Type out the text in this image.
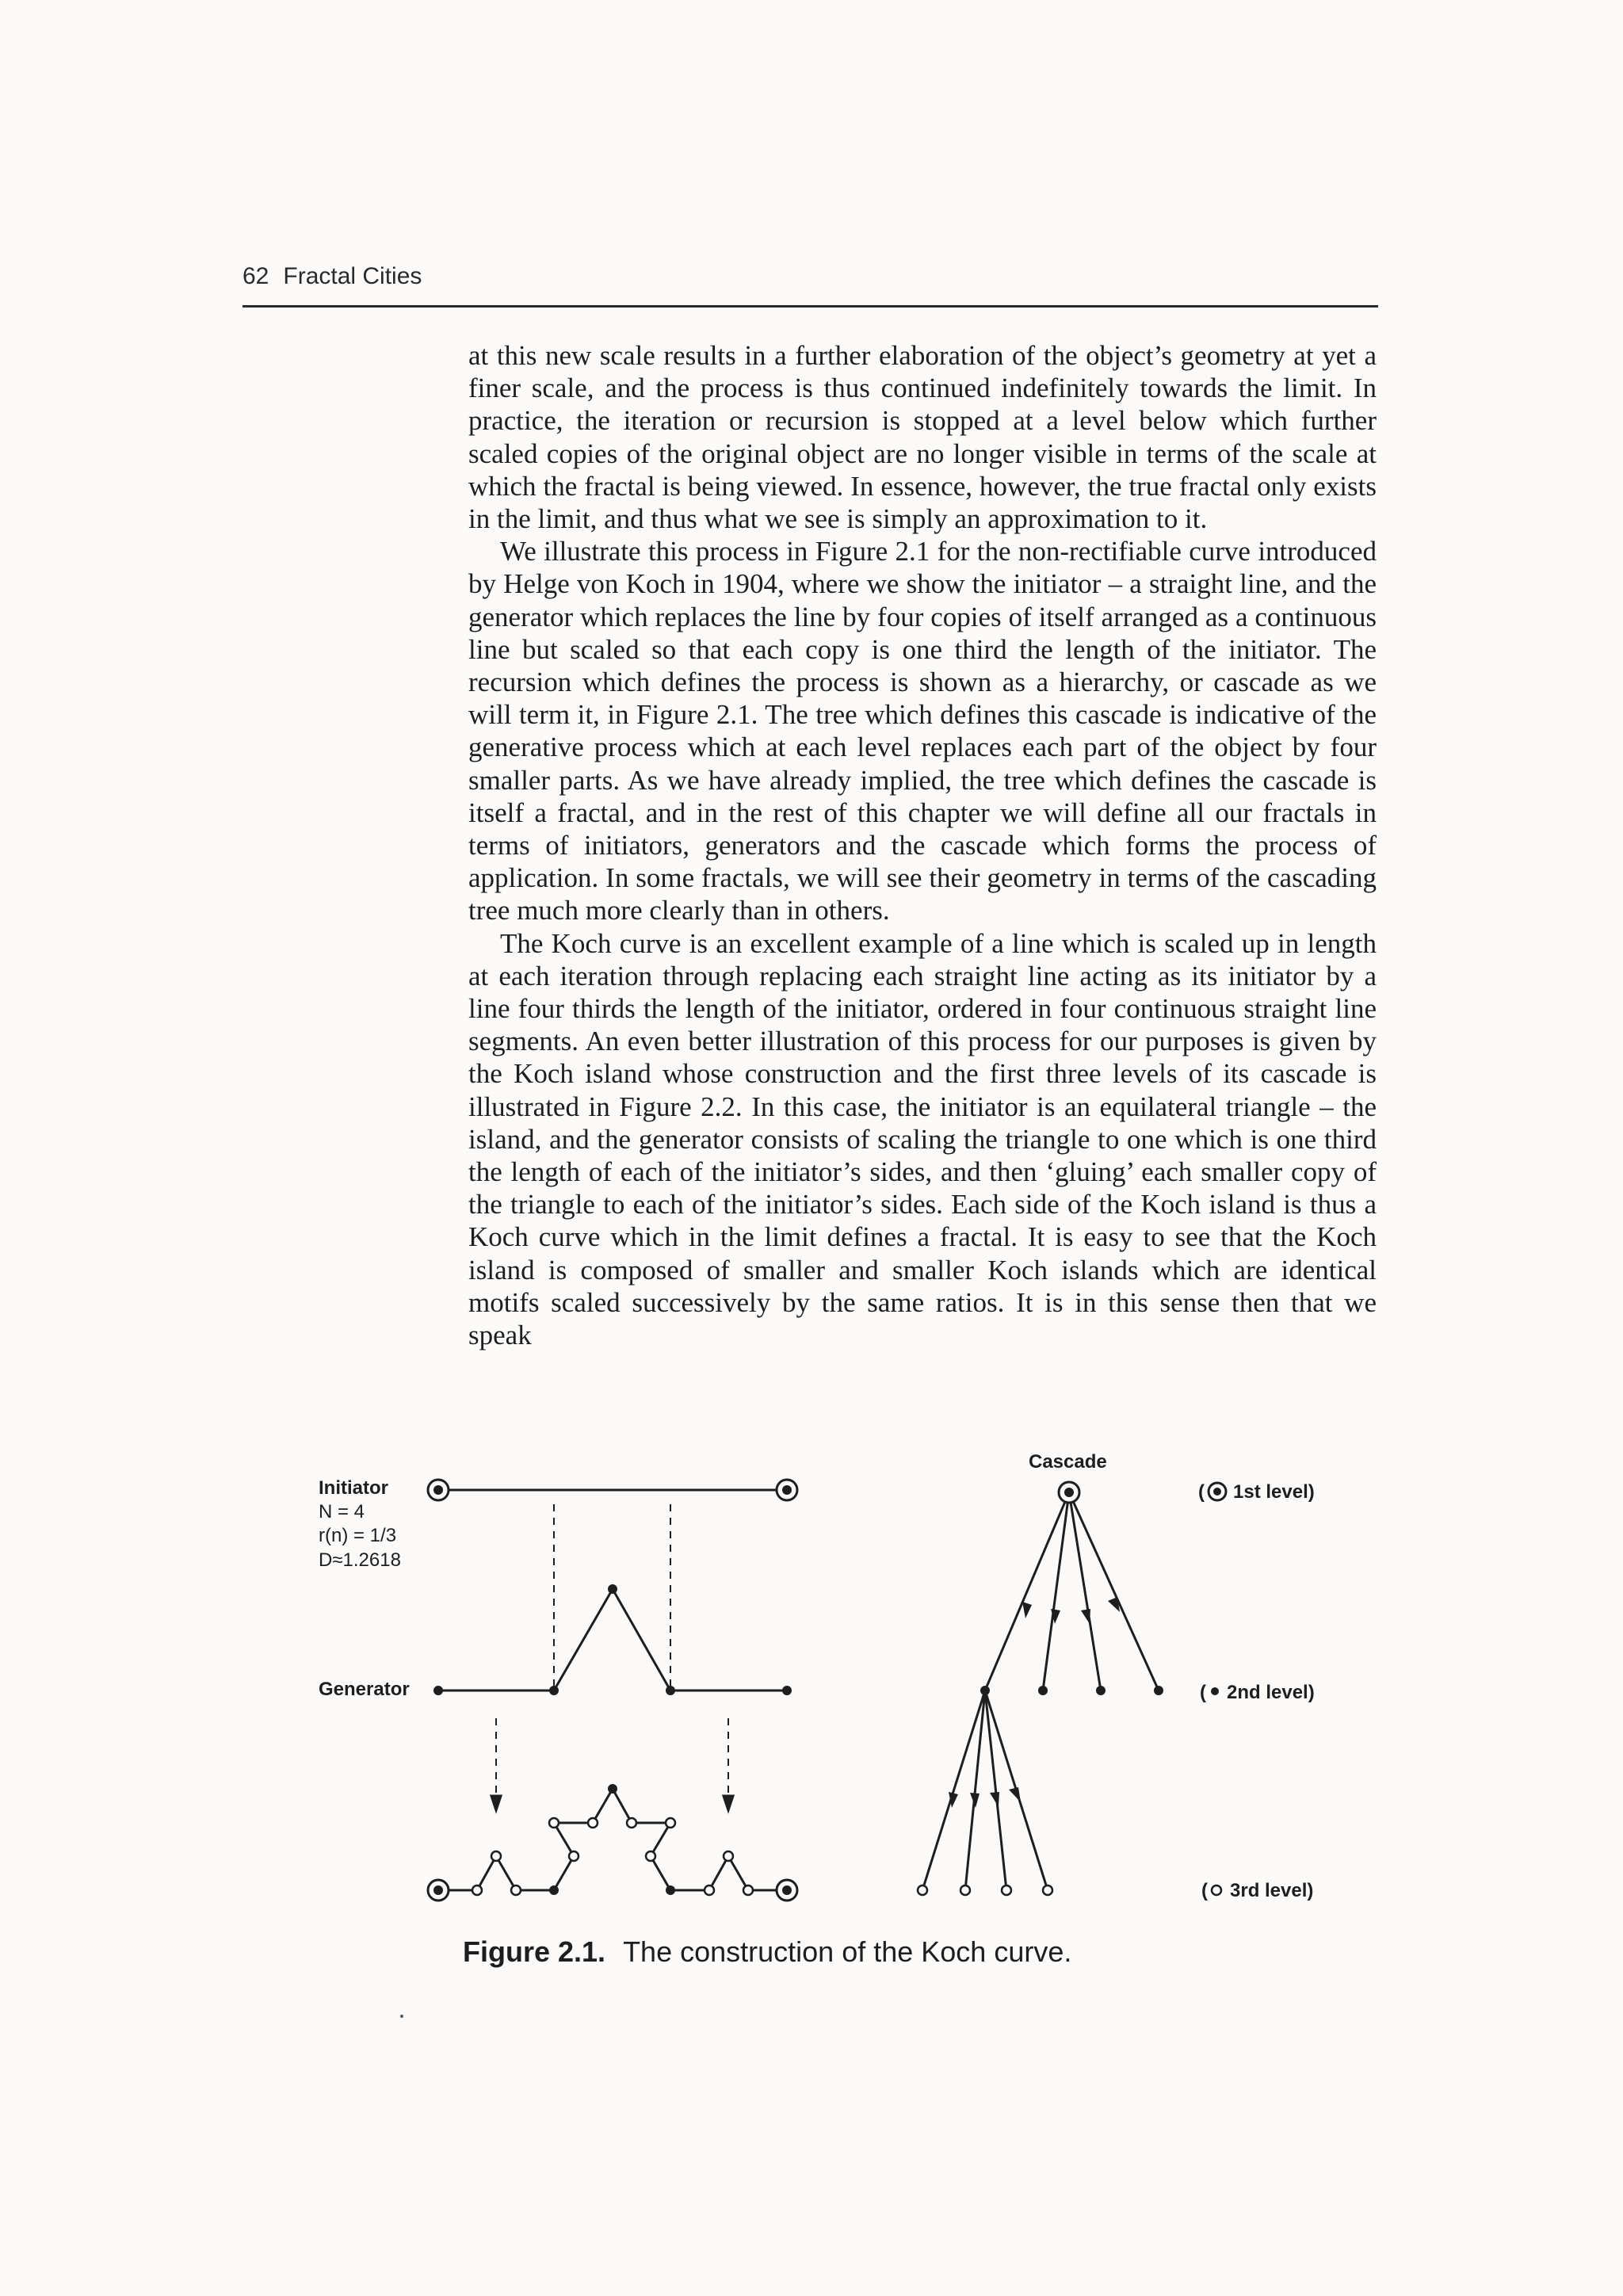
62 Fractal Cities

at this new scale results in a further elaboration of the object’s geometry at yet a finer scale, and the process is thus continued indefinitely towards the limit. In practice, the iteration or recursion is stopped at a level below which further scaled copies of the original object are no longer visible in terms of the scale at which the fractal is being viewed. In essence, however, the true fractal only exists in the limit, and thus what we see is simply an approximation to it.

We illustrate this process in Figure 2.1 for the non-rectifiable curve introduced by Helge von Koch in 1904, where we show the initiator – a straight line, and the generator which replaces the line by four copies of itself arranged as a continuous line but scaled so that each copy is one third the length of the initiator. The recursion which defines the process is shown as a hierarchy, or cascade as we will term it, in Figure 2.1. The tree which defines this cascade is indicative of the generative process which at each level replaces each part of the object by four smaller parts. As we have already implied, the tree which defines the cascade is itself a fractal, and in the rest of this chapter we will define all our fractals in terms of initiators, generators and the cascade which forms the process of application. In some fractals, we will see their geometry in terms of the cascading tree much more clearly than in others.

The Koch curve is an excellent example of a line which is scaled up in length at each iteration through replacing each straight line acting as its initiator by a line four thirds the length of the initiator, ordered in four continuous straight line segments. An even better illustration of this process for our purposes is given by the Koch island whose construction and the first three levels of its cascade is illustrated in Figure 2.2. In this case, the initiator is an equilateral triangle – the island, and the generator consists of scaling the triangle to one which is one third the length of each of the initiator’s sides, and then ‘gluing’ each smaller copy of the triangle to each of the initiator’s sides. Each side of the Koch island is thus a Koch curve which in the limit defines a fractal. It is easy to see that the Koch island is composed of smaller and smaller Koch islands which are identical motifs scaled successively by the same ratios. It is in this sense then that we speak

Initiator
N = 4
r(n) = 1/3
D≈1.2618
Generator
Cascade
( 1st level)
( 2nd level)
( 3rd level)
Figure 2.1. The construction of the Koch curve.
